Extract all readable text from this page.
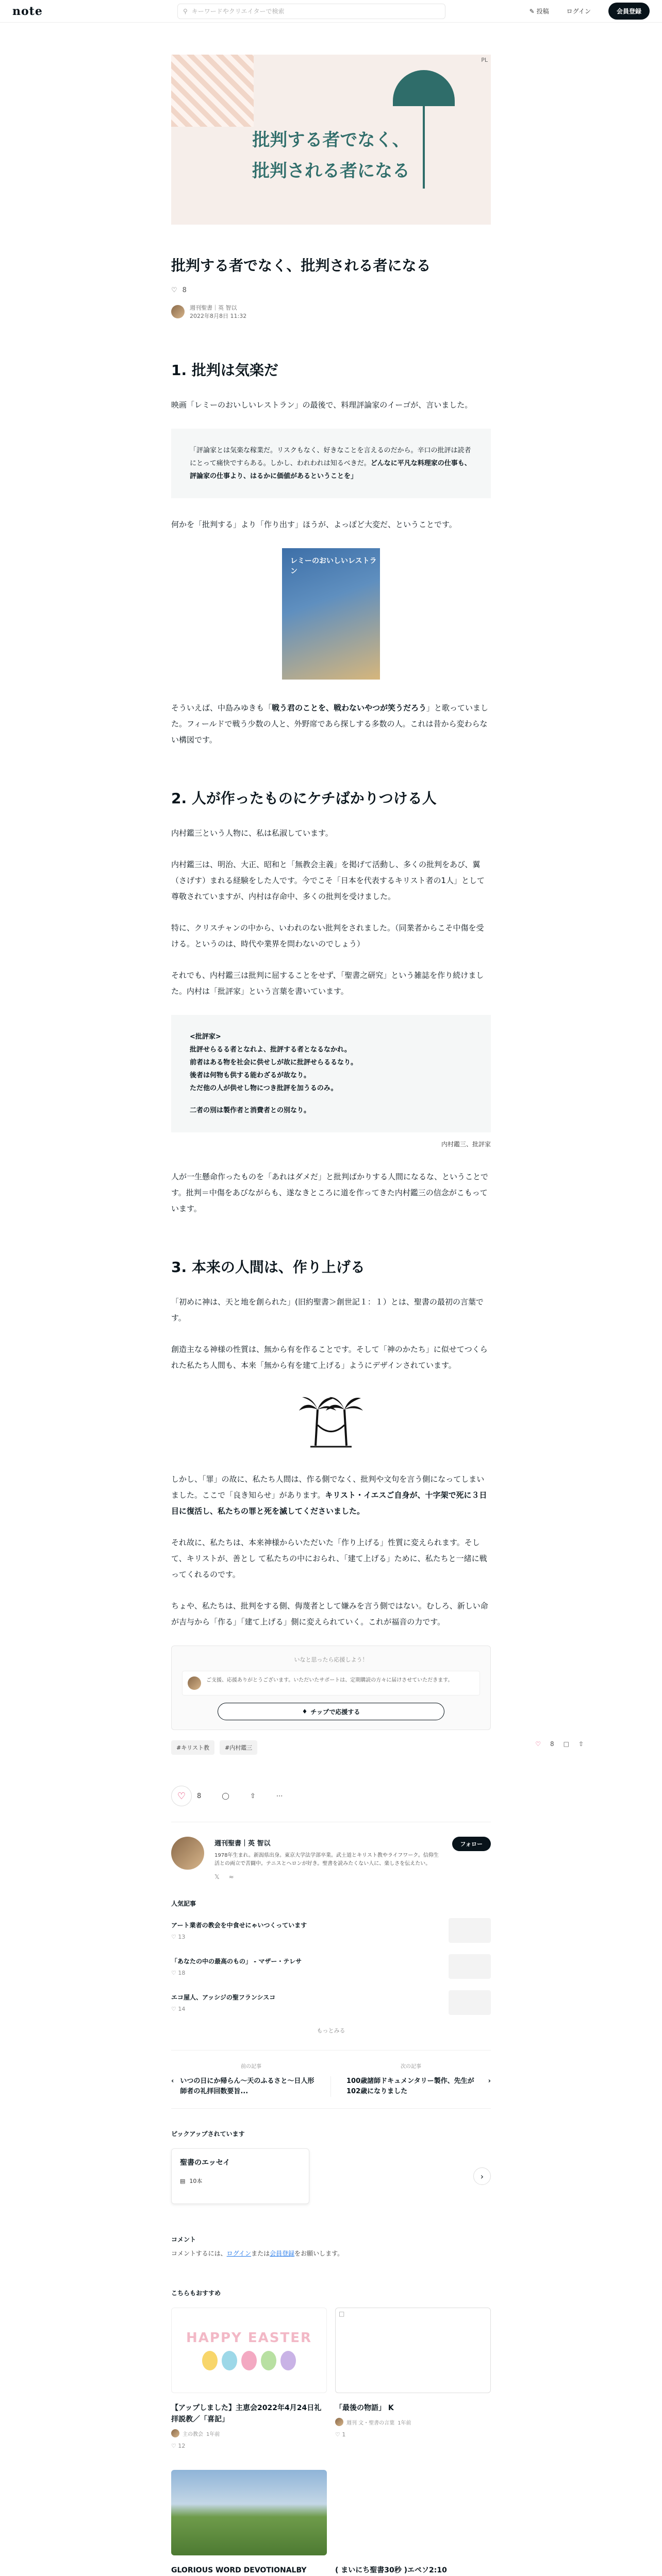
note	⚲ キーワードやクリエイターで検索	✎ 投稿	ログイン	会員登録
批判する者でなく、
批判される者になる
PL
批判する者でなく、批判される者になる
♡ 8
週刊聖書｜英 智以
2022年8月8日 11:32
1. 批判は気楽だ

映画「レミーのおいしいレストラン」の最後で、料理評論家のイーゴが、言いました。

「評論家とは気楽な稼業だ。リスクもなく、好きなことを言えるのだから。辛口の批評は読者にとって痛快ですらある。しかし、われわれは知るべきだ。どんなに平凡な料理家の仕事も、評論家の仕事より、はるかに価値があるということを」

何かを「批判する」より「作り出す」ほうが、よっぽど大変だ、ということです。

レミーのおいしいレストラン

そういえば、中島みゆきも「戦う君のことを、戦わないやつが笑うだろう」と歌っていました。フィールドで戦う少数の人と、外野席であら探しする多数の人。これは昔から変わらない構図です。

2. 人が作ったものにケチばかりつける人

内村鑑三という人物に、私は私淑しています。

内村鑑三は、明治、大正、昭和と「無教会主義」を掲げて活動し、多くの批判をあび、翼（さげす）まれる経験をした人です。今でこそ「日本を代表するキリスト者の1人」として尊敬されていますが、内村は存命中、多くの批判を受けました。

特に、クリスチャンの中から、いわれのない批判をされました。（同業者からこそ中傷を受ける。というのは、時代や業界を問わないのでしょう）

それでも、内村鑑三は批判に屈することをせず、「聖書之研究」という雑誌を作り続けました。内村は「批評家」という言葉を書いています。

<批評家>
批評せらるる者となれよ、批評する者となるなかれ。
前者はある物を社会に供せしが故に批評せらるるなり。
後者は何物も供する能わざるが故なり。
ただ他の人が供せし物につき批評を加うるのみ。
二者の別は製作者と消費者との別なり。
内村鑑三、批評家

人が一生懸命作ったものを「あれはダメだ」と批判ばかりする人間になるな、ということです。批判＝中傷をあびながらも、遂なきところに道を作ってきた内村鑑三の信念がこもっています。

3. 本来の人間は、作り上げる

「初めに神は、天と地を創られた」(旧約聖書＞創世記１：１）とは、聖書の最初の言葉です。

創造主なる神様の性質は、無から有を作ることです。そして「神のかたち」に似せてつくられた私たち人間も、本来「無から有を建て上げる」ようにデザインされています。

しかし、「罪」の故に、私たち人間は、作る側でなく、批判や文句を言う側になってしまいました。ここで「良き知らせ」があります。キリスト・イエスご自身が、十字架で死に３日目に復活し、私たちの罪と死を滅してくださいました。

それ故に、私たちは、本来神様からいただいた「作り上げる」性質に変えられます。そして、キリストが、善とし て私たちの中におられ、「建て上げる」ために、私たちと一緒に戦ってくれるのです。

ちょや、私たちは、批判をする側、侮蔑者として嫌みを言う側ではない。むしろ、新しい命が吉与から「作る」「建て上げる」側に変えられていく。これが福音の力です。

いなと思ったら応援しよう！
ご支援、応援ありがとうございます。いただいたサポートは、定期購読の方々に届けさせていただきます。
♦ チップで応援する
#キリスト教	#内村鑑三
♡ 8 □ ⇧
♡ 8	◯	⇧	⋯
週刊聖書｜英 智以
1978年生まれ。新潟県出身。東京大学法学部卒業。武士道とキリスト教やライフワーク。信仰生活との両立で苦闘中。テニスとヘロンが好き。聖書を読みたくない人に、楽しさを伝えたい。
𝕏 ≈
フォロー
人気記事
アート業者の教会を中食せにゃいつくっています
♡ 13
「あなたの中の最高のもの」 - マザー・テレサ
♡ 18
エコ屋人、アッシジの聖フランシスコ
♡ 14
もっとみる
前の記事
‹ いつの日にか帰らん〜天のふるさと〜日人形師者の礼拝回数要旨...
次の記事
100歳諸師ドキュメンタリー製作、先生が102歳になりました
›
ピックアップされています
聖書のエッセイ
▤ 10本	›
コメント
コメントするには、ログインまたは会員登録をお願いします。
こちらもおすすめ
HAPPY EASTER
【アップしました】主恵会2022年4月24日礼拝説教／「喜記」
主の教会 1年前
♡ 12
□
「最後の物語」 K
週刊 文・聖書の言葉 1年前
♡ 1
GLORIOUS WORD DEVOTIONALBY	( まいにち聖書30秒 )エペソ2:10
